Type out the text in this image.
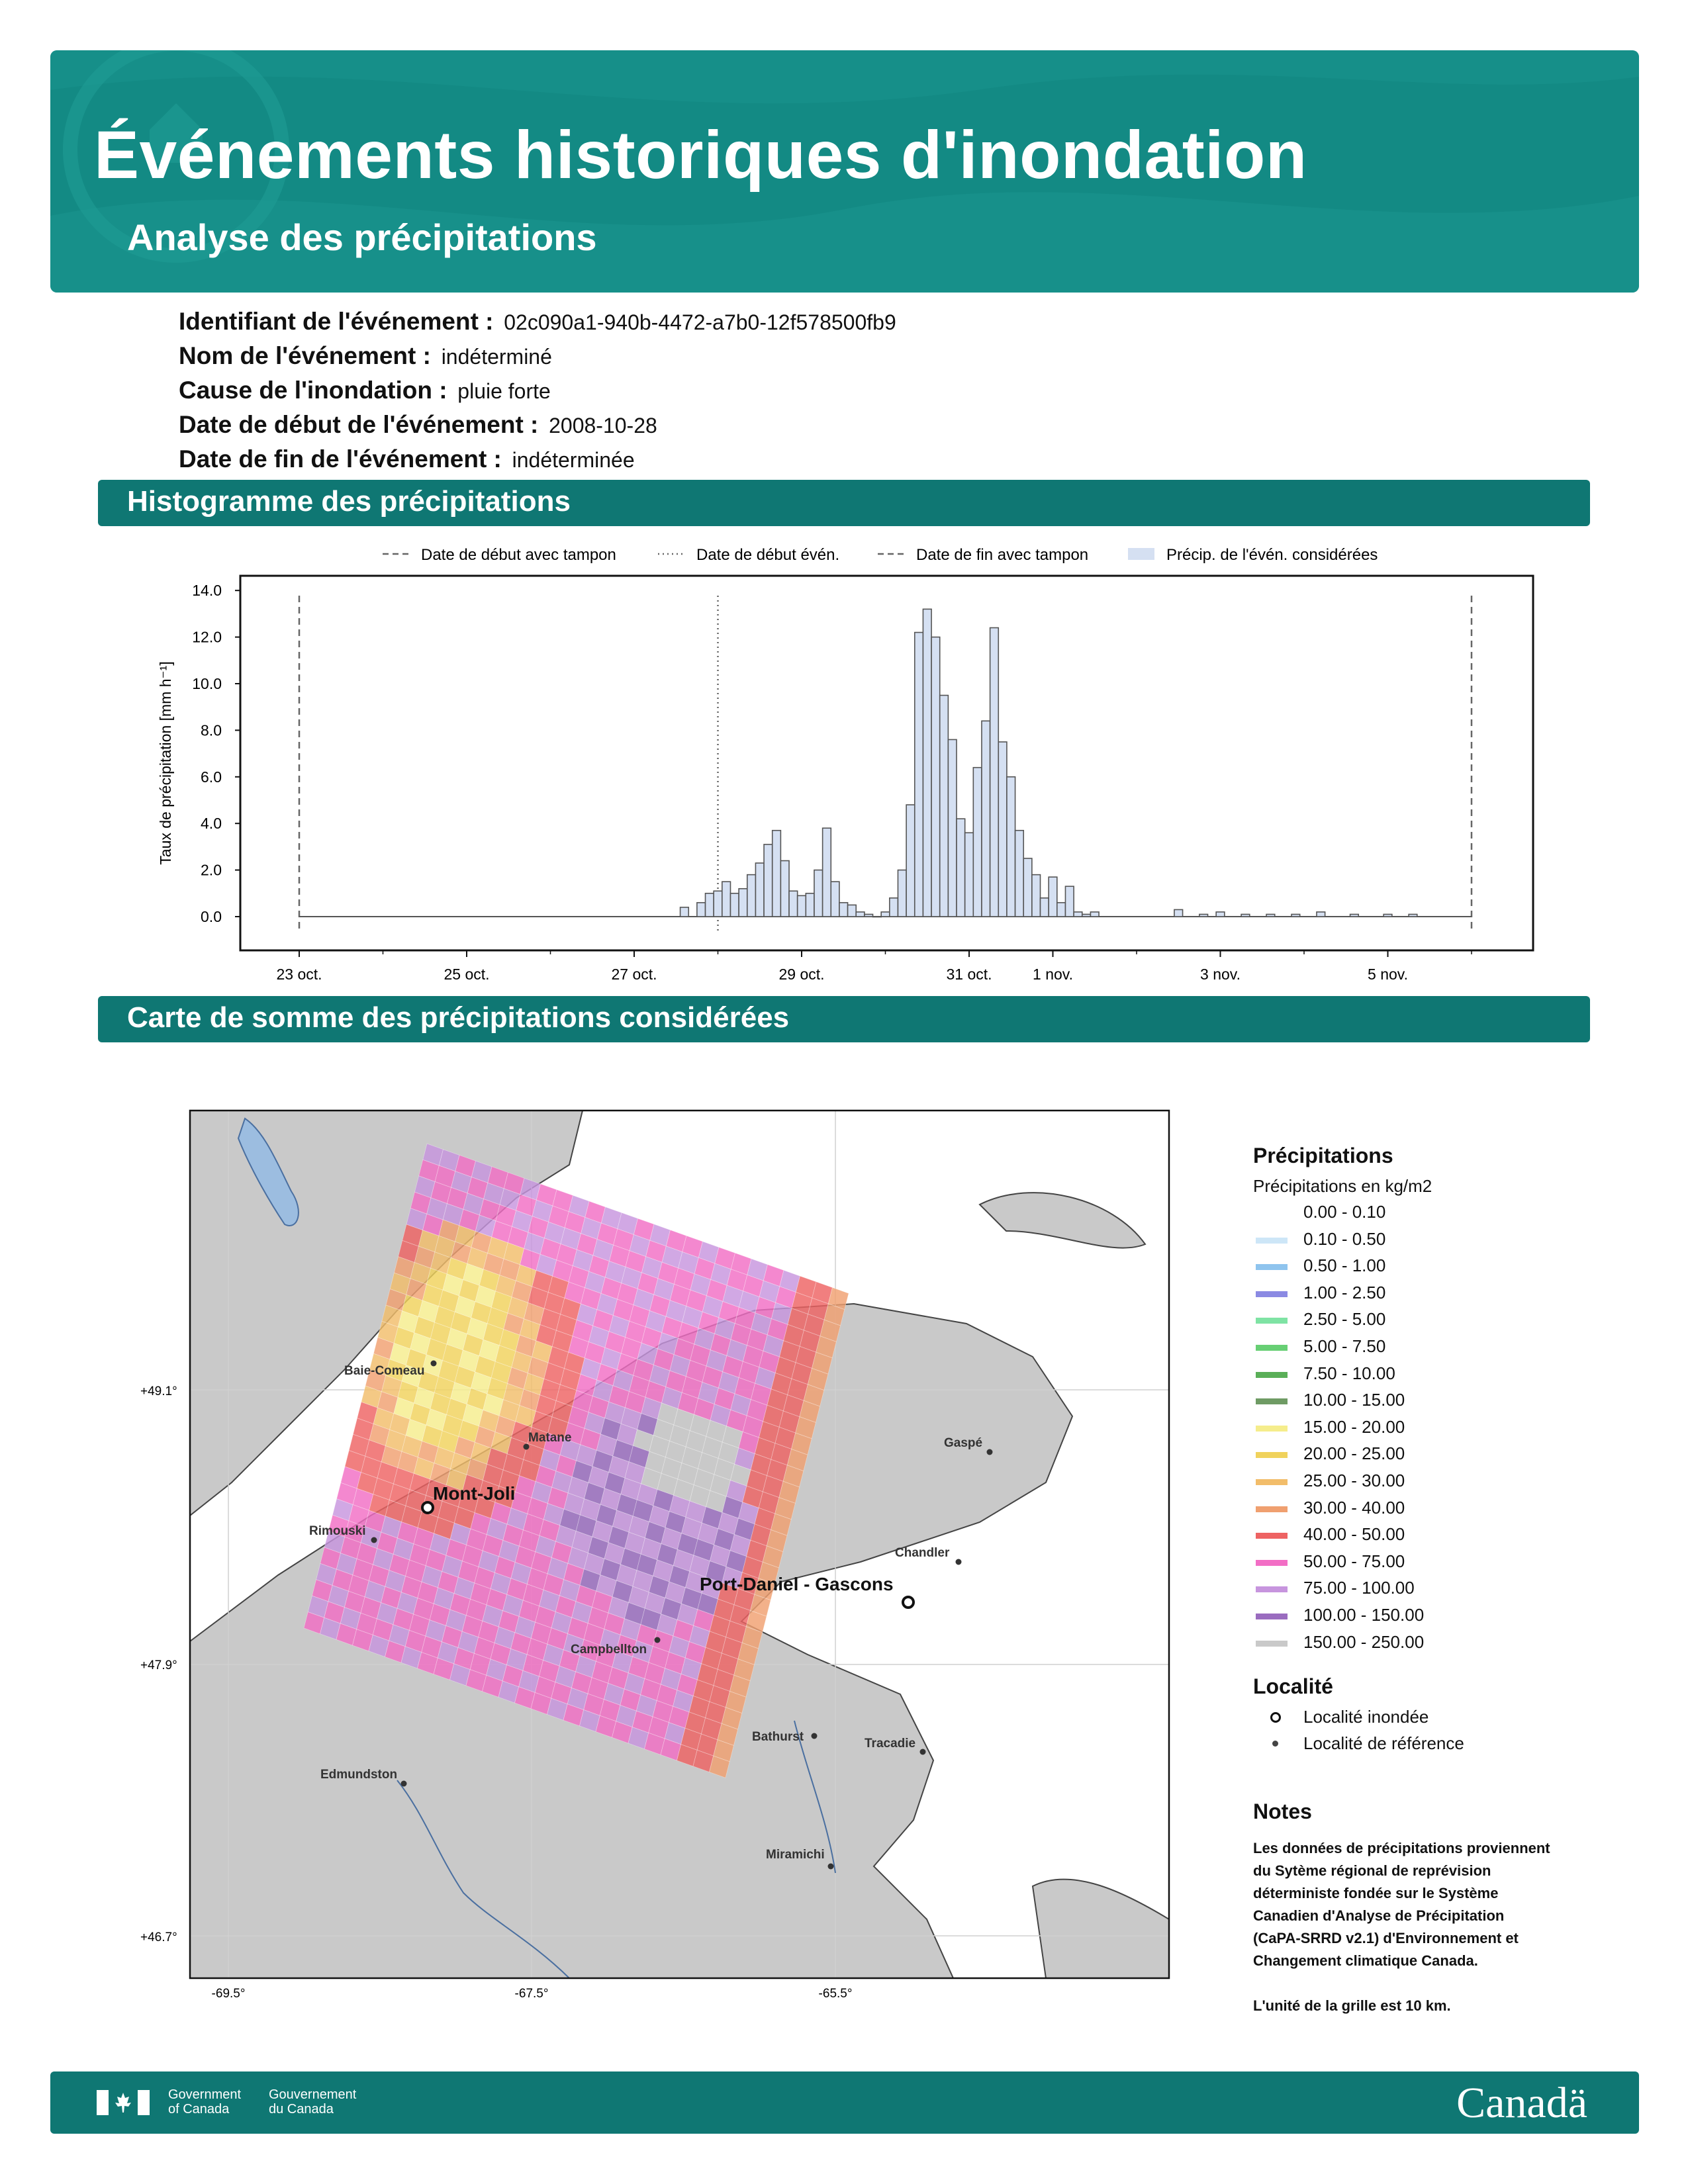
Événements historiques d'inondation
Analyse des précipitations
Identifiant de l'événement : 02c090a1-940b-4472-a7b0-12f578500fb9
Nom de l'événement : indéterminé
Cause de l'inondation : pluie forte
Date de début de l'événement : 2008-10-28
Date de fin de l'événement : indéterminée
Histogramme des précipitations
Date de début avec tampon	Date de début évén.	Date de fin avec tampon	Précip. de l'évén. considérées
0.0
2.0
4.0
6.0
8.0
10.0
12.0
14.0
23 oct.	25 oct.	27 oct.	29 oct.	31 oct.	1 nov.	3 nov.	5 nov.
Taux de précipitation [mm h⁻¹]
Carte de somme des précipitations considérées
+49.1°
+47.9°
+46.7°
-69.5°	-67.5°	-65.5°
Baie-Comeau
Matane	Gaspé
Mont-Joli
Rimouski
Chandler
Port-Daniel - Gascons
Campbellton
Bathurst	Tracadie
Edmundston
Miramichi
Précipitations
Précipitations en kg/m2
0.00 - 0.10
0.10 - 0.50
0.50 - 1.00
1.00 - 2.50
2.50 - 5.00
5.00 - 7.50
7.50 - 10.00
10.00 - 15.00
15.00 - 20.00
20.00 - 25.00
25.00 - 30.00
30.00 - 40.00
40.00 - 50.00
50.00 - 75.00
75.00 - 100.00
100.00 - 150.00
150.00 - 250.00
Localité
Localité inondée
Localité de référence
Notes
Les données de précipitations proviennent
du Sytème régional de reprévision
déterministe fondée sur le Système
Canadien d'Analyse de Précipitation
(CaPA-SRRD v2.1) d'Environnement et
Changement climatique Canada.
L'unité de la grille est 10 km.
Government
of Canada
Gouvernement
du Canada	Canadä
